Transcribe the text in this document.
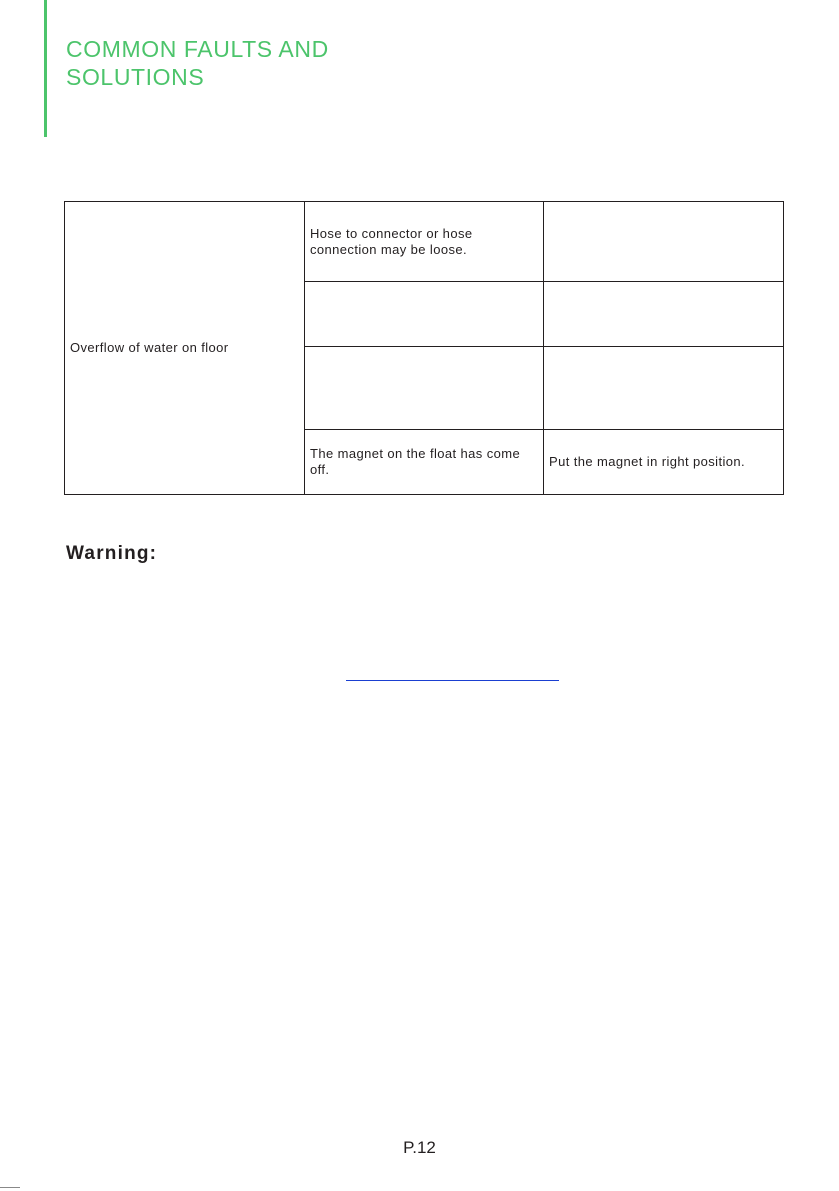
COMMON FAULTS AND
SOLUTIONS
Overflow of water on floor	Hose to connector or hose connection may be loose.	

	The magnet on the float has come off.	Put the magnet in right position.
Warning:
P.12
